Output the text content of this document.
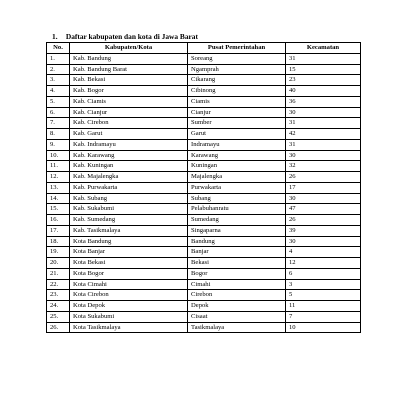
1. Daftar kabupaten dan kota di Jawa Barat
No.	Kabupaten/Kota	Pusat Pemerintahan	Kecamatan
1.	Kab. Bandung	Soreang	31
2.	Kab. Bandung Barat	Ngamprah	15
3.	Kab. Bekasi	Cikarang	23
4.	Kab. Bogor	Cibinong	40
5.	Kab. Ciamis	Ciamis	36
6.	Kab. Cianjur	Cianjur	30
7.	Kab. Cirebon	Sumber	31
8.	Kab. Garut	Garut	42
9.	Kab. Indramayu	Indramayu	31
10.	Kab. Karawang	Karawang	30
11.	Kab. Kuningan	Kuningan	32
12.	Kab. Majalengka	Majalengka	26
13.	Kab. Purwakarta	Purwakarta	17
14.	Kab. Subang	Subang	30
15.	Kab. Sukabumi	Pelabuhanratu	47
16.	Kab. Sumedang	Sumedang	26
17.	Kab. Tasikmalaya	Singaparna	39
18.	Kota Bandung	Bandung	30
19.	Kota Banjar	Banjar	4
20.	Kota Bekasi	Bekasi	12
21.	Kota Bogor	Bogor	6
22.	Kota Cimahi	Cimahi	3
23.	Kota Cirebon	Cirebon	5
24.	Kota Depok	Depok	11
25.	Kota Sukabumi	Cisaat	7
26.	Kota Tasikmalaya	Tasikmalaya	10
